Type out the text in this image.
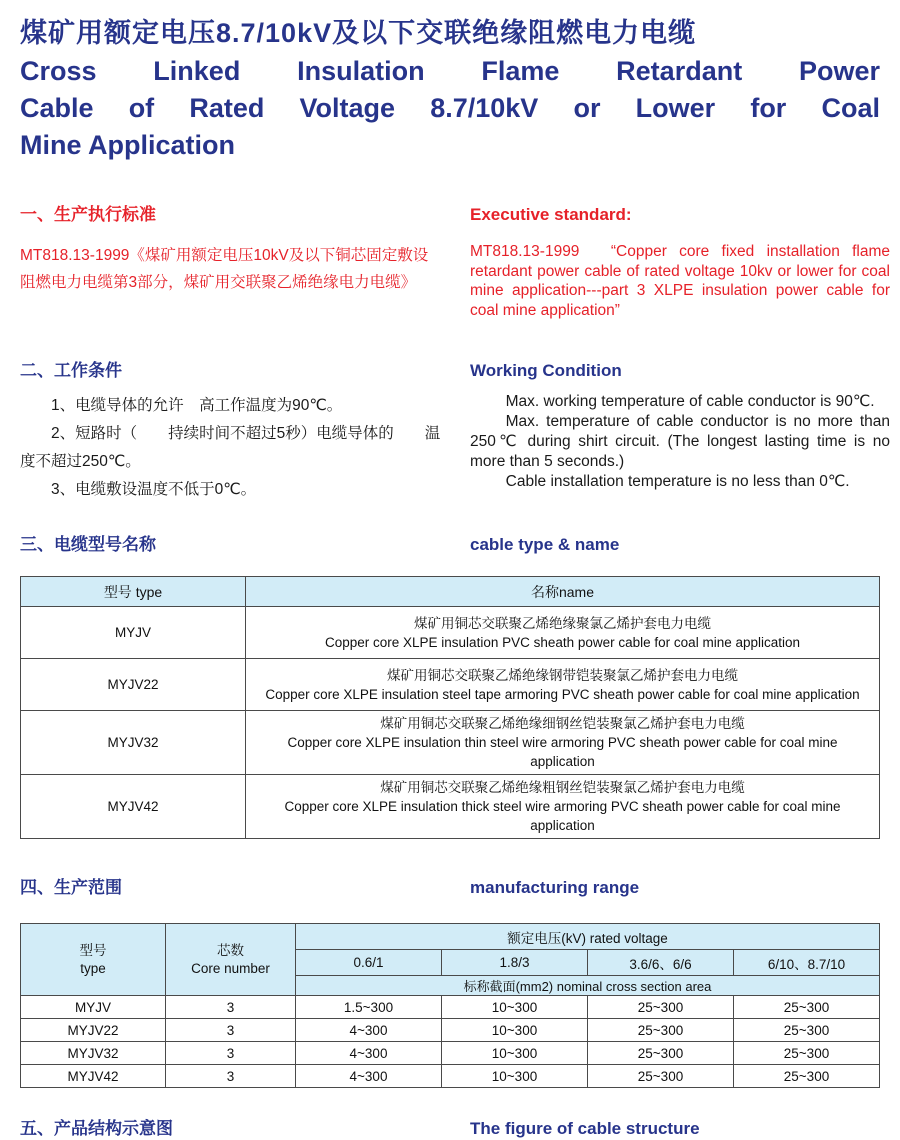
煤矿用额定电压8.7/10kV及以下交联绝缘阻燃电力电缆
Cross Linked Insulation Flame Retardant Power
Cable of Rated Voltage 8.7/10kV or Lower for Coal
Mine Application
一、生产执行标准	Executive standard:

MT818.13-1999《煤矿用额定电压10kV及以下铜芯固定敷设阻燃电力电缆第3部分，煤矿用交联聚乙烯绝缘电力电缆》

MT818.13-1999　“Copper core fixed installation flame retardant power cable of rated voltage 10kv or lower for coal mine application---part 3 XLPE insulation power cable for coal mine application”

二、工作条件	Working Condition

1、电缆导体的允许　高工作温度为90℃。

2、短路时（　　持续时间不超过5秒）电缆导体的　　温度不超过250℃。

3、电缆敷设温度不低于0℃。

Max. working temperature of cable conductor is 90℃.

Max. temperature of cable conductor is no more than 250℃ during shirt circuit. (The longest lasting time is no more than 5 seconds.)

Cable installation temperature is no less than 0℃.

三、电缆型号名称	cable type & name
型号 type	名称name
MYJV	煤矿用铜芯交联聚乙烯绝缘聚氯乙烯护套电力电缆
Copper core XLPE insulation PVC sheath power cable for coal mine application

MYJV22	煤矿用铜芯交联聚乙烯绝缘钢带铠装聚氯乙烯护套电力电缆
Copper core XLPE insulation steel tape armoring PVC sheath power cable for coal mine application

MYJV32	煤矿用铜芯交联聚乙烯绝缘细钢丝铠装聚氯乙烯护套电力电缆
Copper core XLPE insulation thin steel wire armoring PVC sheath power cable for coal mine application

MYJV42	煤矿用铜芯交联聚乙烯绝缘粗钢丝铠装聚氯乙烯护套电力电缆
Copper core XLPE insulation thick steel wire armoring PVC sheath power cable for coal mine application
四、生产范围	manufacturing range
型号
type

芯数
Core number
	额定电压(kV) rated voltage
		0.6/1	1.8/3	3.6/6、6/6	6/10、8.7/10
		标称截面(mm2) nominal cross section area			
MYJV	3	1.5~300	10~300	25~300	25~300
MYJV22	3	4~300	10~300	25~300	25~300
MYJV32	3	4~300	10~300	25~300	25~300
MYJV42	3	4~300	10~300	25~300	25~300
五、产品结构示意图	The figure of cable structure
